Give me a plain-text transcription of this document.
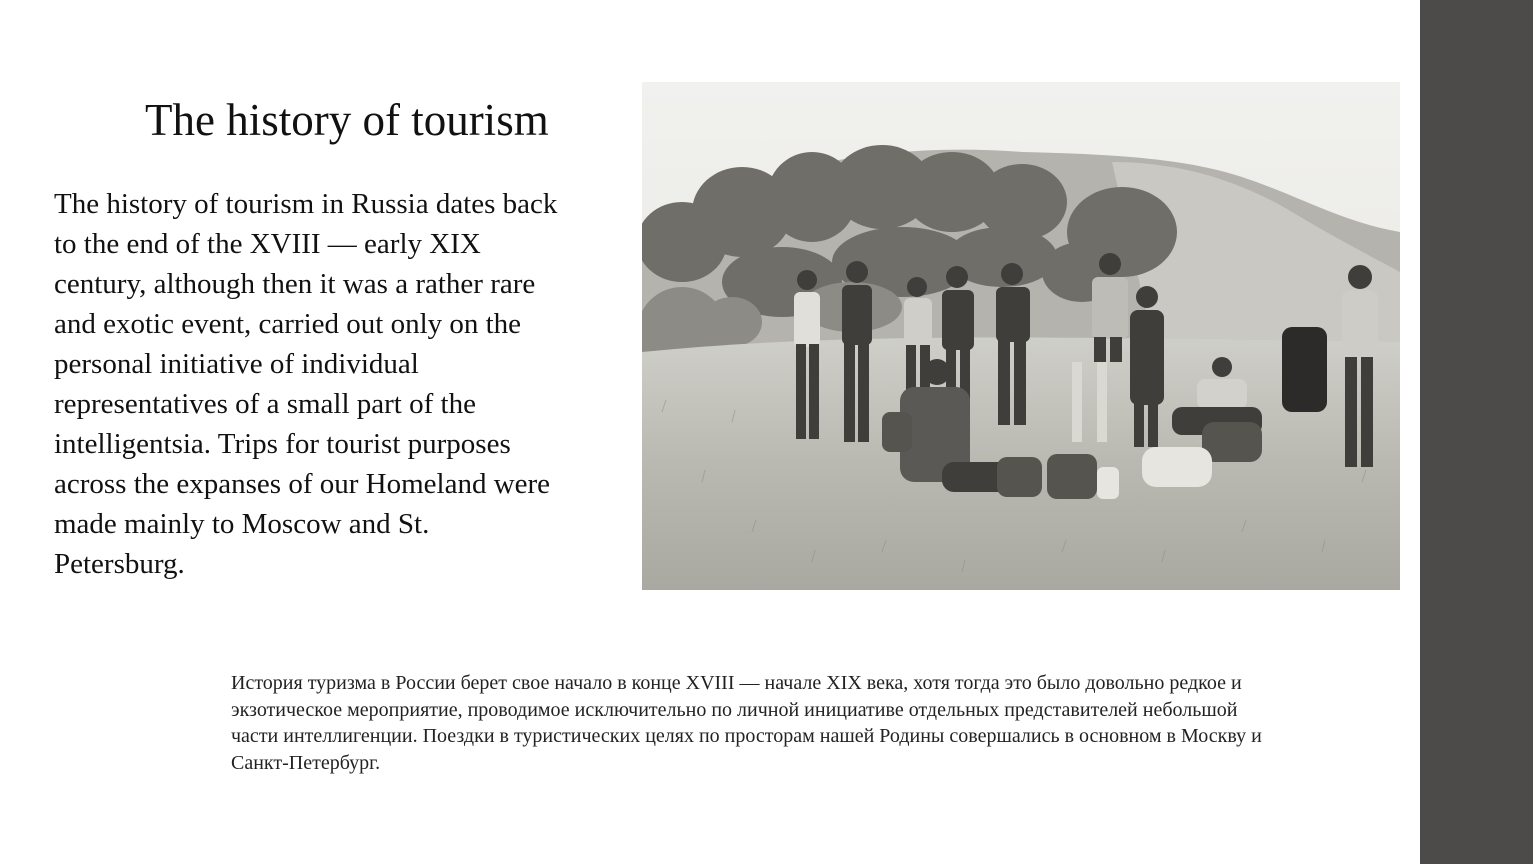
The history of tourism

The history of tourism in Russia dates back
to the end of the XVIII — early XIX
century, although then it was a rather rare
and exotic event, carried out only on the
personal initiative of individual
representatives of a small part of the
intelligentsia. Trips for tourist purposes
across the expanses of our Homeland were
made mainly to Moscow and St.
Petersburg.

История туризма в России берет свое начало в конце XVIII — начале XIX века, хотя тогда это было довольно редкое и
экзотическое мероприятие, проводимое исключительно по личной инициативе отдельных представителей небольшой
части интеллигенции. Поездки в туристических целях по просторам нашей Родины совершались в основном в Москву и
Санкт-Петербург.
